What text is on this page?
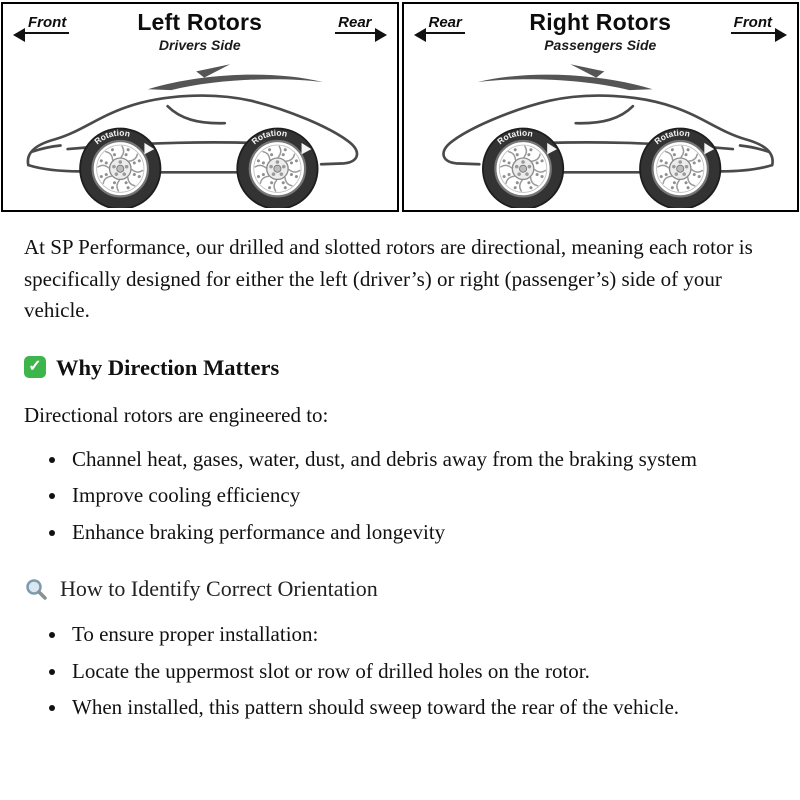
Front	Rear
Left Rotors
Drivers Side
Rear	Front
Right Rotors
Passengers Side

At SP Performance, our drilled and slotted rotors are directional, meaning each rotor is specifically designed for either the left (driver’s) or right (passenger’s) side of your vehicle.

✓ Why Direction Matters

Directional rotors are engineered to:

• Channel heat, gases, water, dust, and debris away from the braking system
• Improve cooling efficiency
• Enhance braking performance and longevity
How to Identify Correct Orientation
• To ensure proper installation:
• Locate the uppermost slot or row of drilled holes on the rotor.
• When installed, this pattern should sweep toward the rear of the vehicle.
